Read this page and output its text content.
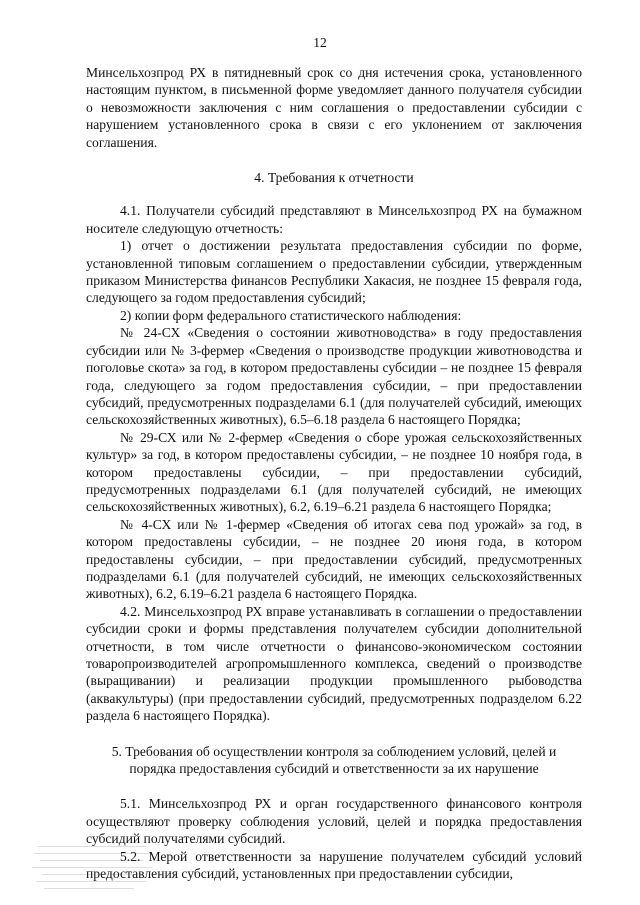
12

Минсельхозпрод РХ в пятидневный срок со дня истечения срока, установленного настоящим пунктом, в письменной форме уведомляет данного получателя субсидии о невозможности заключения с ним соглашения о предоставлении субсидии с нарушением установленного срока в связи с его уклонением от заключения соглашения.

4. Требования к отчетности

4.1. Получатели субсидий представляют в Минсельхозпрод РХ на бумажном носителе следующую отчетность:

1) отчет о достижении результата предоставления субсидии по форме, установленной типовым соглашением о предоставлении субсидии, утвержденным приказом Министерства финансов Республики Хакасия, не позднее 15 февраля года, следующего за годом предоставления субсидий;

2) копии форм федерального статистического наблюдения:

№ 24-СХ «Сведения о состоянии животноводства» в году предоставления субсидии или № 3-фермер «Сведения о производстве продукции животноводства и поголовье скота» за год, в котором предоставлены субсидии – не позднее 15 февраля года, следующего за годом предоставления субсидии, – при предоставлении субсидий, предусмотренных подразделами 6.1 (для получателей субсидий, имеющих сельскохозяйственных животных), 6.5–6.18 раздела 6 настоящего Порядка;

№ 29-СХ или № 2-фермер «Сведения о сборе урожая сельскохозяйственных культур» за год, в котором предоставлены субсидии, – не позднее 10 ноября года, в котором предоставлены субсидии, – при предоставлении субсидий, предусмотренных подразделами 6.1 (для получателей субсидий, не имеющих сельскохозяйственных животных), 6.2, 6.19–6.21 раздела 6 настоящего Порядка;

№ 4-СХ или № 1-фермер «Сведения об итогах сева под урожай» за год, в котором предоставлены субсидии, – не позднее 20 июня года, в котором предоставлены субсидии, – при предоставлении субсидий, предусмотренных подразделами 6.1 (для получателей субсидий, не имеющих сельскохозяйственных животных), 6.2, 6.19–6.21 раздела 6 настоящего Порядка.

4.2. Минсельхозпрод РХ вправе устанавливать в соглашении о предоставлении субсидии сроки и формы представления получателем субсидии дополнительной отчетности, в том числе отчетности о финансово-экономическом состоянии товаропроизводителей агропромышленного комплекса, сведений о производстве (выращивании) и реализации продукции промышленного рыбоводства (аквакультуры) (при предоставлении субсидий, предусмотренных подразделом 6.22 раздела 6 настоящего Порядка).

5. Требования об осуществлении контроля за соблюдением условий, целей и

порядка предоставления субсидий и ответственности за их нарушение

5.1. Минсельхозпрод РХ и орган государственного финансового контроля осуществляют проверку соблюдения условий, целей и порядка предоставления субсидий получателями субсидий.

5.2. Мерой ответственности за нарушение получателем субсидий условий предоставления субсидий, установленных при предоставлении субсидии,
